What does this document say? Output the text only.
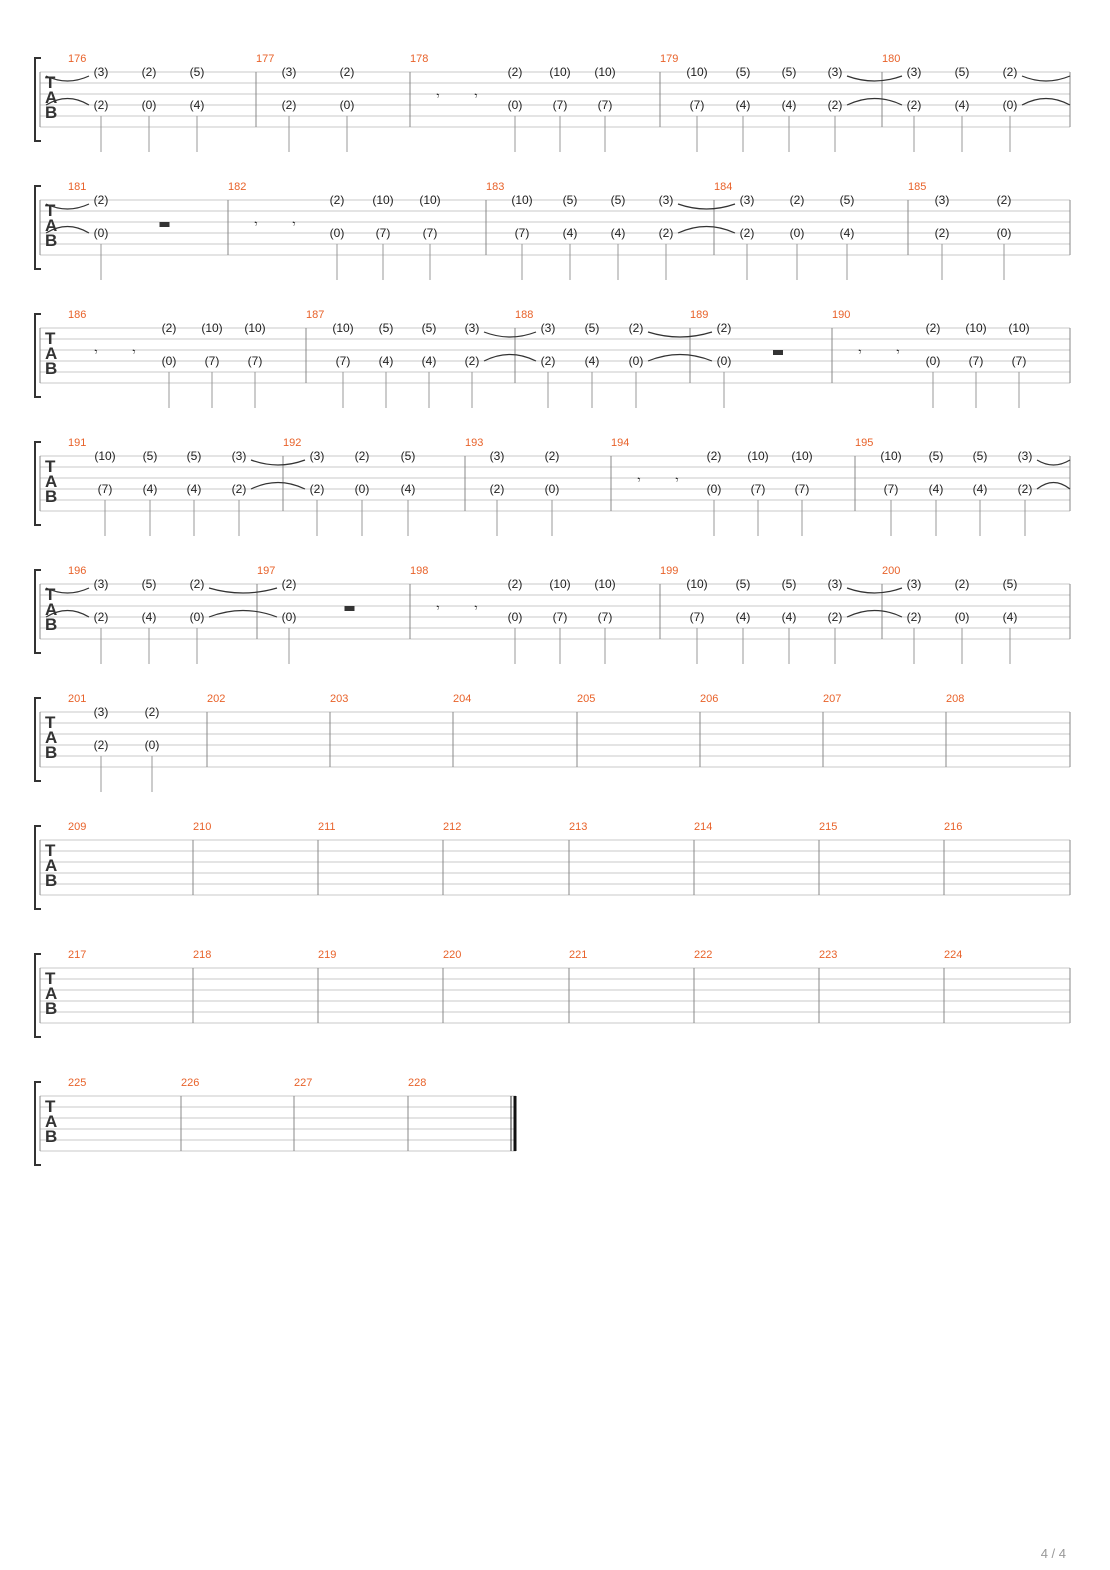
T
A
B
176
(3)
(2)
(2)
(0)
(5)
(4)
177
(3)
(2)
(2)
(0)
178
(2)
(0)
(10)
(7)
(10)
(7)
𝄾	𝄾
179
(10)
(7)
(5)
(4)
(5)
(4)
(3)
(2)
180
(3)
(2)
(5)
(4)
(2)
(0)
T
A
B
181
(2)
(0)
182
(2)
(0)
(10)
(7)
(10)
(7)
𝄾	𝄾
183
(10)
(7)
(5)
(4)
(5)
(4)
(3)
(2)
184
(3)
(2)
(2)
(0)
(5)
(4)
185
(3)
(2)
(2)
(0)
T
A
B
186
(2)
(0)
(10)
(7)
(10)
(7)
𝄾	𝄾
187
(10)
(7)
(5)
(4)
(5)
(4)
(3)
(2)
188
(3)
(2)
(5)
(4)
(2)
(0)
189
(2)
(0)
190
(2)
(0)
(10)
(7)
(10)
(7)
𝄾	𝄾
T
A
B
191
(10)
(7)
(5)
(4)
(5)
(4)
(3)
(2)
192
(3)
(2)
(2)
(0)
(5)
(4)
193
(3)
(2)
(2)
(0)
194
(2)
(0)
(10)
(7)
(10)
(7)
𝄾	𝄾
195
(10)
(7)
(5)
(4)
(5)
(4)
(3)
(2)
T
A
B
196
(3)
(2)
(5)
(4)
(2)
(0)
197
(2)
(0)
198
(2)
(0)
(10)
(7)
(10)
(7)
𝄾	𝄾
199
(10)
(7)
(5)
(4)
(5)
(4)
(3)
(2)
200
(3)
(2)
(2)
(0)
(5)
(4)
T
A
B
201
(3)
(2)
(2)
(0)
202	203	204	205	206	207	208
T
A
B
209	210	211	212	213	214	215	216
T
A
B
217	218	219	220	221	222	223	224
T
A
B
225	226	227	228
4 / 4
